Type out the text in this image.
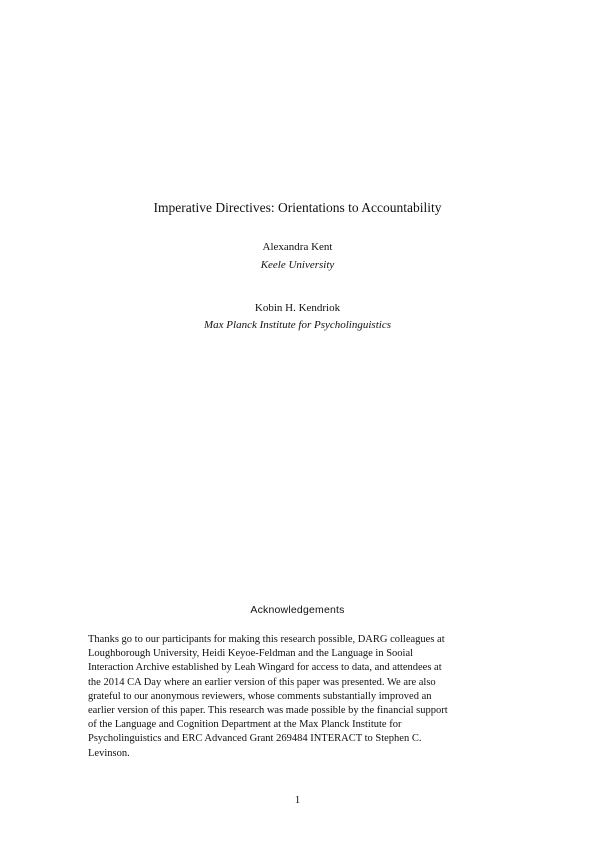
Imperative Directives: Orientations to Accountability
Alexandra Kent
Keele University
Kobin H. Kendriok
Max Planck Institute for Psycholinguistics
Acknowledgements
Thanks go to our participants for making this research possible, DARG colleagues at
Loughborough University, Heidi Keyoe-Feldman and the Language in Sooial
Interaction Archive established by Leah Wingard for access to data, and attendees at
the 2014 CA Day where an earlier version of this paper was presented. We are also
grateful to our anonymous reviewers, whose comments substantially improved an
earlier version of this paper. This research was made possible by the financial support
of the Language and Cognition Department at the Max Planck Institute for
Psycholinguistics and ERC Advanced Grant 269484 INTERACT to Stephen C.
Levinson.
1
